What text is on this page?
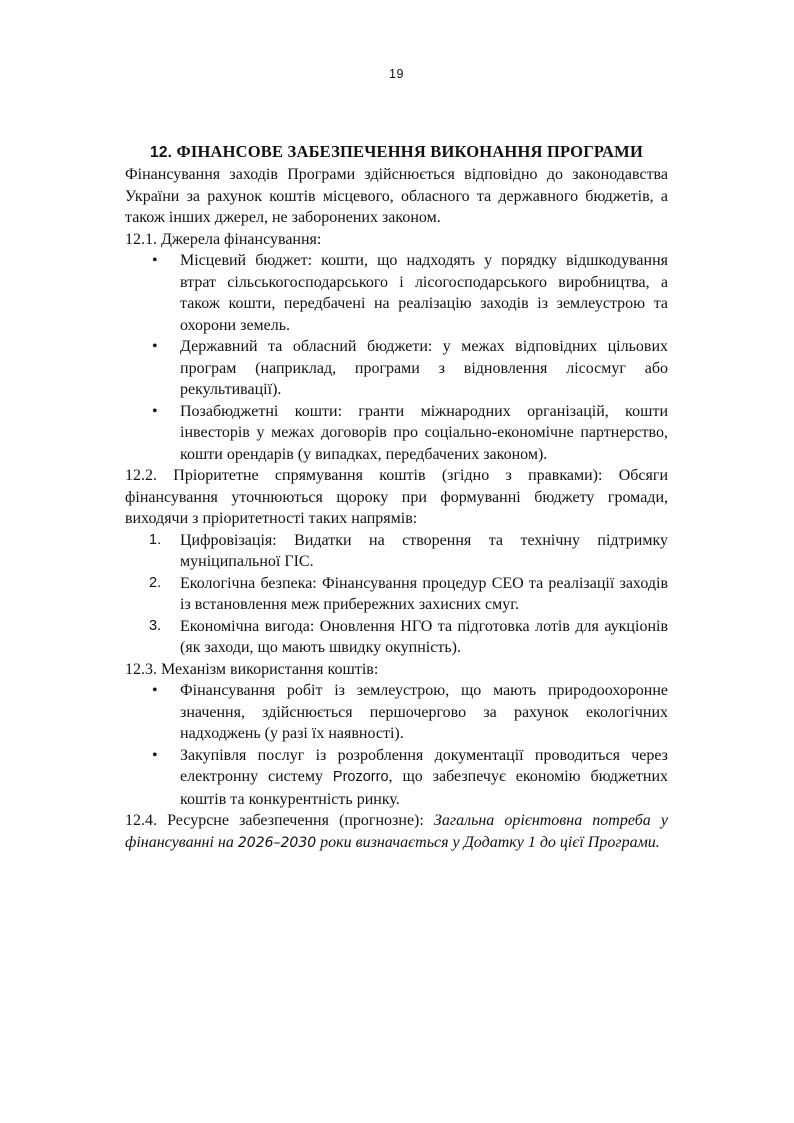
19
12. ФІНАНСОВЕ ЗАБЕЗПЕЧЕННЯ ВИКОНАННЯ ПРОГРАМИ

Фінансування заходів Програми здійснюється відповідно до законодавства України за рахунок коштів місцевого, обласного та державного бюджетів, а також інших джерел, не заборонених законом.

12.1. Джерела фінансування:

• Місцевий бюджет: кошти, що надходять у порядку відшкодування втрат сільськогосподарського і лісогосподарського виробництва, а також кошти, передбачені на реалізацію заходів із землеустрою та охорони земель.
• Державний та обласний бюджети: у межах відповідних цільових програм (наприклад, програми з відновлення лісосмуг або рекультивації).
• Позабюджетні кошти: гранти міжнародних організацій, кошти інвесторів у межах договорів про соціально-економічне партнерство, кошти орендарів (у випадках, передбачених законом).

12.2. Пріоритетне спрямування коштів (згідно з правками): Обсяги фінансування уточнюються щороку при формуванні бюджету громади, виходячи з пріоритетності таких напрямів:

1. Цифровізація: Видатки на створення та технічну підтримку муніципальної ГІС.
2. Екологічна безпека: Фінансування процедур СЕО та реалізації заходів із встановлення меж прибережних захисних смуг.
3. Економічна вигода: Оновлення НГО та підготовка лотів для аукціонів (як заходи, що мають швидку окупність).

12.3. Механізм використання коштів:

• Фінансування робіт із землеустрою, що мають природоохоронне значення, здійснюється першочергово за рахунок екологічних надходжень (у разі їх наявності).
• Закупівля послуг із розроблення документації проводиться через електронну систему Prozorro, що забезпечує економію бюджетних коштів та конкурентність ринку.

12.4. Ресурсне забезпечення (прогнозне): Загальна орієнтовна потреба у фінансуванні на 2026–2030 роки визначається у Додатку 1 до цієї Програми.
